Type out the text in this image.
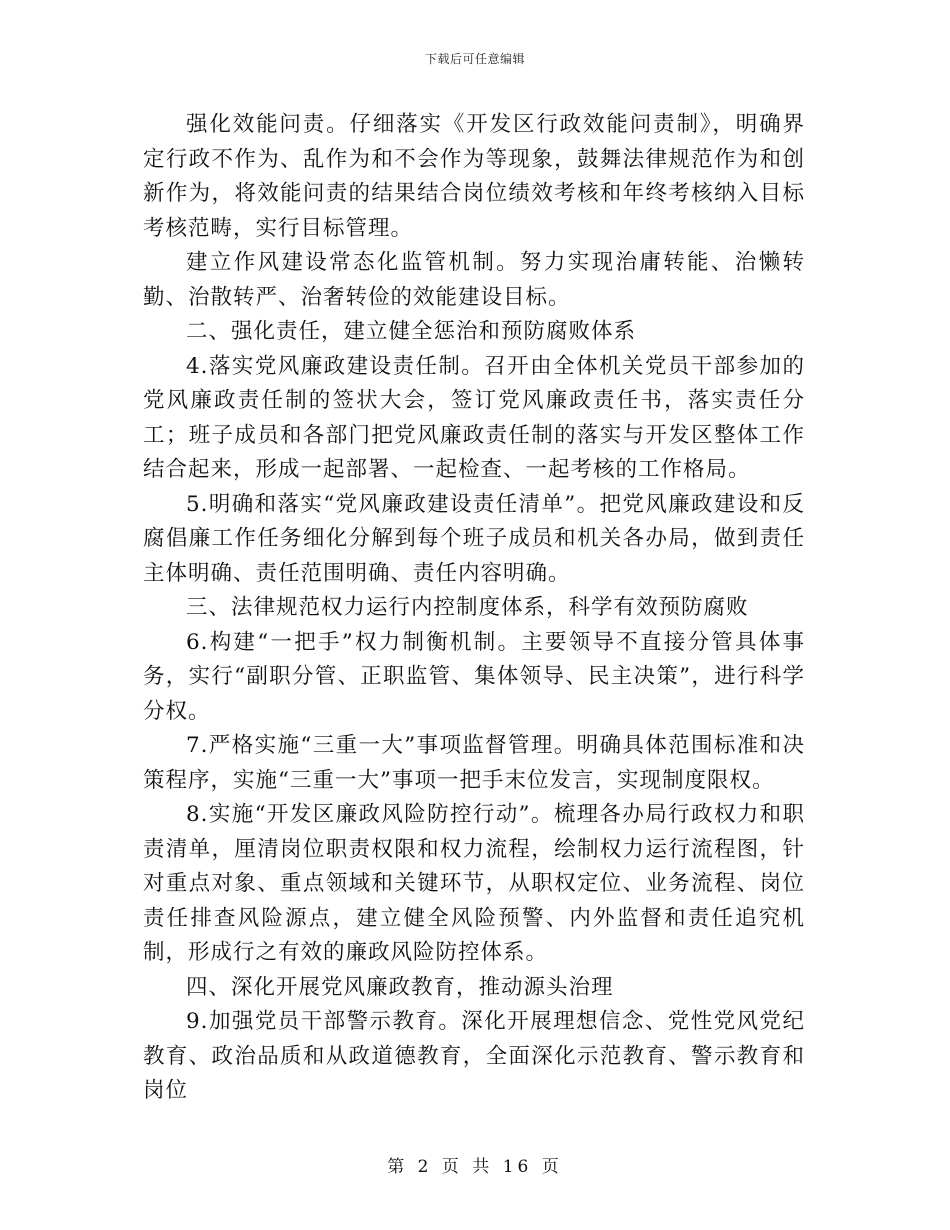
下载后可任意编辑

强化效能问责。仔细落实《开发区行政效能问责制》，明确界定行政不作为、乱作为和不会作为等现象，鼓舞法律规范作为和创新作为，将效能问责的结果结合岗位绩效考核和年终考核纳入目标考核范畴，实行目标管理。

建立作风建设常态化监管机制。努力实现治庸转能、治懒转勤、治散转严、治奢转俭的效能建设目标。

二、强化责任，建立健全惩治和预防腐败体系

4.落实党风廉政建设责任制。召开由全体机关党员干部参加的党风廉政责任制的签状大会，签订党风廉政责任书，落实责任分工；班子成员和各部门把党风廉政责任制的落实与开发区整体工作结合起来，形成一起部署、一起检查、一起考核的工作格局。

5.明确和落实“党风廉政建设责任清单”。把党风廉政建设和反腐倡廉工作任务细化分解到每个班子成员和机关各办局，做到责任主体明确、责任范围明确、责任内容明确。

三、法律规范权力运行内控制度体系，科学有效预防腐败

6.构建“一把手”权力制衡机制。主要领导不直接分管具体事务，实行“副职分管、正职监管、集体领导、民主决策”，进行科学分权。

7.严格实施“三重一大”事项监督管理。明确具体范围标准和决策程序，实施“三重一大”事项一把手末位发言，实现制度限权。

8.实施“开发区廉政风险防控行动”。梳理各办局行政权力和职责清单，厘清岗位职责权限和权力流程，绘制权力运行流程图，针对重点对象、重点领域和关键环节，从职权定位、业务流程、岗位责任排查风险源点，建立健全风险预警、内外监督和责任追究机制，形成行之有效的廉政风险防控体系。

四、深化开展党风廉政教育，推动源头治理

9.加强党员干部警示教育。深化开展理想信念、党性党风党纪教育、政治品质和从政道德教育，全面深化示范教育、警示教育和岗位

第 2 页 共 16 页
